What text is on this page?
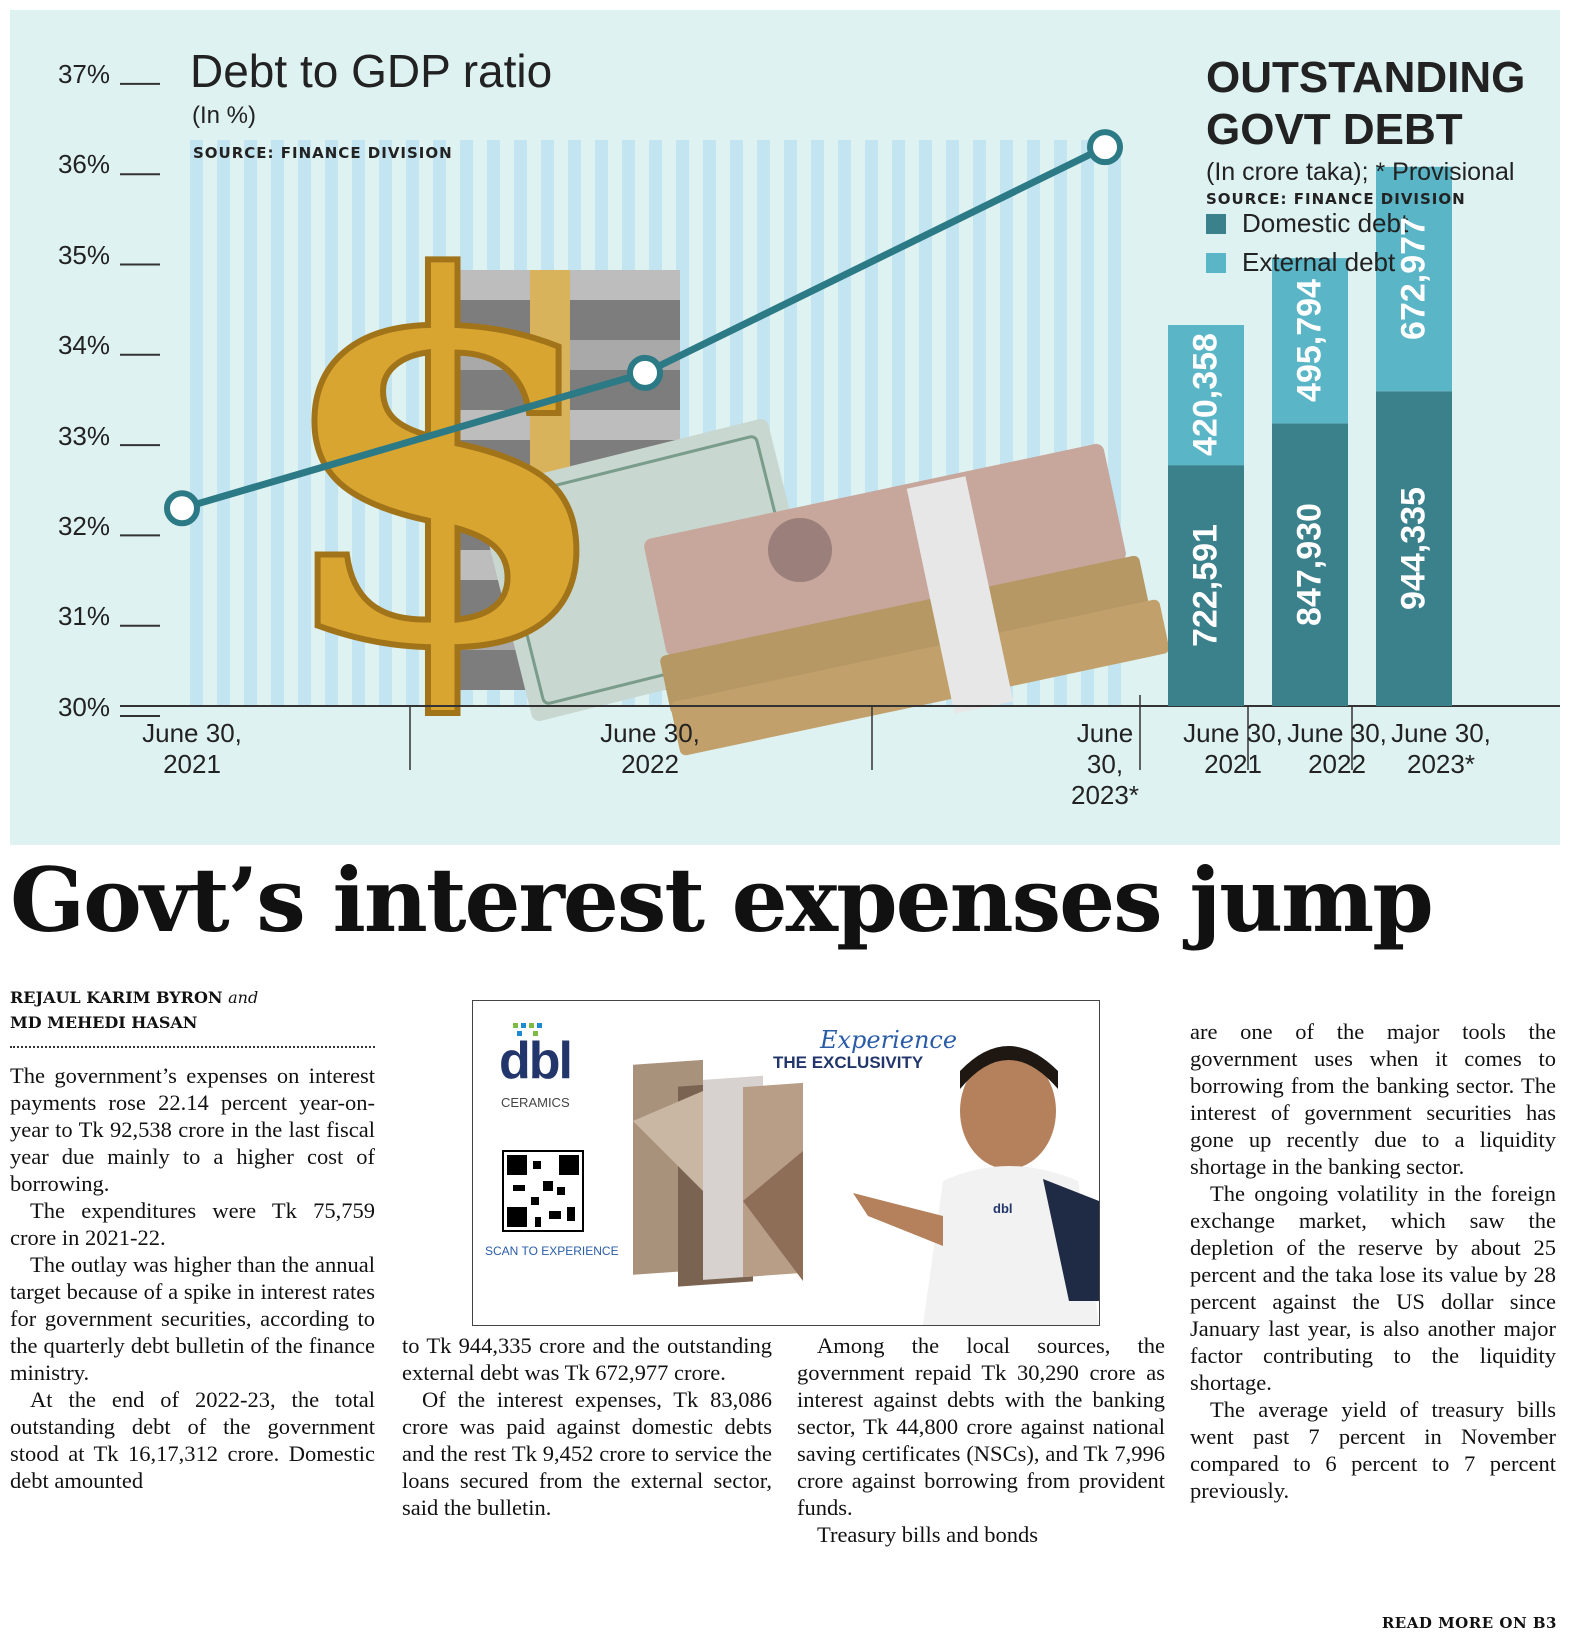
$
37%
36%
35%
34%
33%
32%
31%
30%
Debt to GDP ratio
(In %)
SOURCE: FINANCE DIVISION
June 30,
2021
June 30,
2022
June 30,
2023*
OUTSTANDING
GOVT DEBT
(In crore taka); * Provisional
SOURCE: FINANCE DIVISION
Domestic debt
External debt
June 30,
2021
June 30,
2022
June 30,
2023*
722,591
420,358
847,930
495,794
944,335
672,977
Govt’s interest expenses jump
REJAUL KARIM BYRON and
MD MEHEDI HASAN

The government’s expenses on interest payments rose 22.14 percent year-on-year to Tk 92,538 crore in the last fiscal year due mainly to a higher cost of borrowing.

The expenditures were Tk 75,759 crore in 2021-22.

The outlay was higher than the annual target because of a spike in interest rates for government securities, according to the quarterly debt bulletin of the finance ministry.

At the end of 2022-23, the total outstanding debt of the government stood at Tk 16,17,312 crore. Domestic debt amounted

dbl
CERAMICS
Experience
THE EXCLUSIVITY
SCAN TO EXPERIENCE
dbl

to Tk 944,335 crore and the outstanding external debt was Tk 672,977 crore.

Of the interest expenses, Tk 83,086 crore was paid against domestic debts and the rest Tk 9,452 crore to service the loans secured from the external sector, said the bulletin.

Among the local sources, the government repaid Tk 30,290 crore as interest against debts with the banking sector, Tk 44,800 crore against national saving certificates (NSCs), and Tk 7,996 crore against borrowing from provident funds.

Treasury bills and bonds

are one of the major tools the government uses when it comes to borrowing from the banking sector. The interest of government securities has gone up recently due to a liquidity shortage in the banking sector.

The ongoing volatility in the foreign exchange market, which saw the depletion of the reserve by about 25 percent and the taka lose its value by 28 percent against the US dollar since January last year, is also another major factor contributing to the liquidity shortage.

The average yield of treasury bills went past 7 percent in November compared to 6 percent to 7 percent previously.

READ MORE ON B3
